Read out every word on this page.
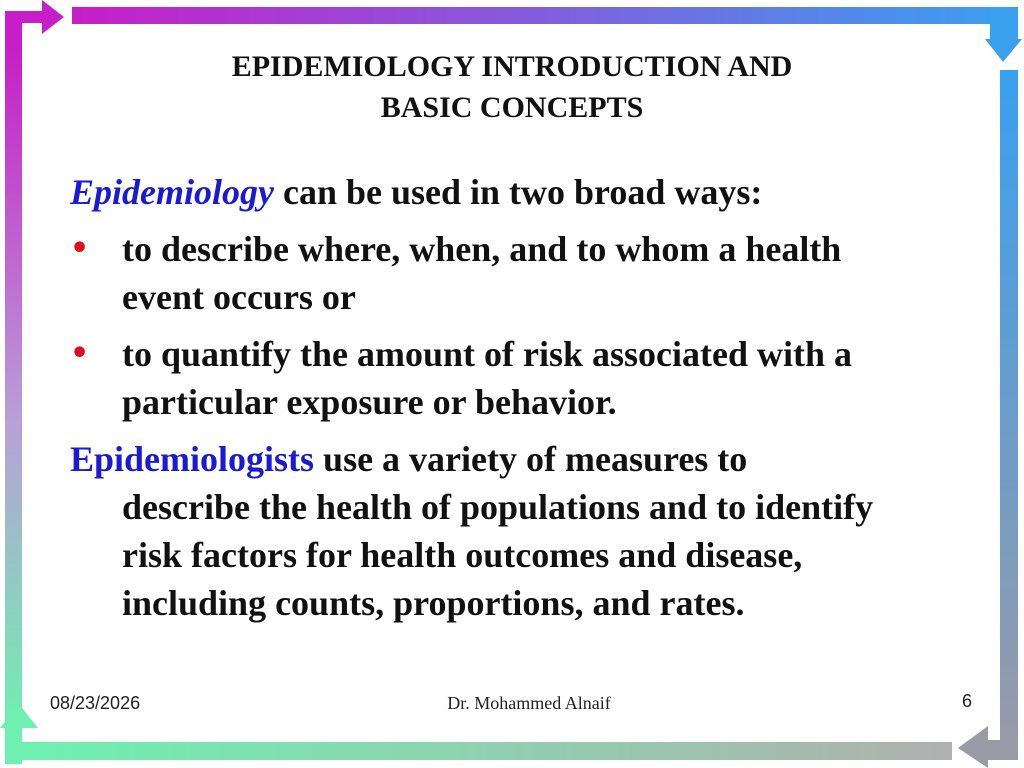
EPIDEMIOLOGY INTRODUCTION AND
BASIC CONCEPTS

Epidemiology can be used in two broad ways:

• to describe where, when, and to whom a health
event occurs or
• to quantify the amount of risk associated with a
particular exposure or behavior.

Epidemiologists use a variety of measures to
describe the health of populations and to identify
risk factors for health outcomes and disease,
including counts, proportions, and rates.

08/23/2026	Dr. Mohammed Alnaif	6
